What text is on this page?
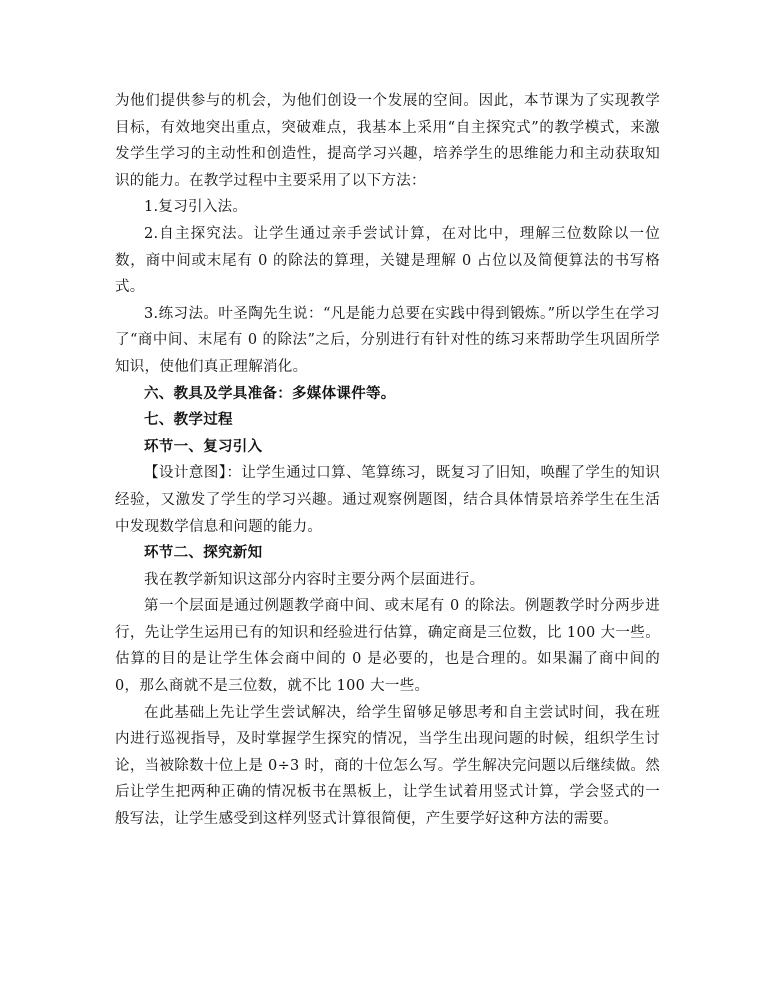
为他们提供参与的机会，为他们创设一个发展的空间。因此，本节课为了实现教学目标，有效地突出重点，突破难点，我基本上采用“自主探究式”的教学模式，来激发学生学习的主动性和创造性，提高学习兴趣，培养学生的思维能力和主动获取知识的能力。在教学过程中主要采用了以下方法：

1.复习引入法。

2.自主探究法。让学生通过亲手尝试计算，在对比中，理解三位数除以一位数，商中间或末尾有 0 的除法的算理，关键是理解 0 占位以及简便算法的书写格式。

3.练习法。叶圣陶先生说：“凡是能力总要在实践中得到锻炼。”所以学生在学习了“商中间、末尾有 0 的除法”之后，分别进行有针对性的练习来帮助学生巩固所学知识，使他们真正理解消化。

六、教具及学具准备：多媒体课件等。

七、教学过程

环节一、复习引入

【设计意图】：让学生通过口算、笔算练习，既复习了旧知，唤醒了学生的知识经验，又激发了学生的学习兴趣。通过观察例题图，结合具体情景培养学生在生活中发现数学信息和问题的能力。

环节二、探究新知

我在教学新知识这部分内容时主要分两个层面进行。

第一个层面是通过例题教学商中间、或末尾有 0 的除法。例题教学时分两步进行，先让学生运用已有的知识和经验进行估算，确定商是三位数，比 100 大一些。估算的目的是让学生体会商中间的 0 是必要的，也是合理的。如果漏了商中间的 0，那么商就不是三位数，就不比 100 大一些。

在此基础上先让学生尝试解决，给学生留够足够思考和自主尝试时间，我在班内进行巡视指导，及时掌握学生探究的情况，当学生出现问题的时候，组织学生讨论，当被除数十位上是 0÷3 时，商的十位怎么写。学生解决完问题以后继续做。然后让学生把两种正确的情况板书在黑板上，让学生试着用竖式计算，学会竖式的一般写法，让学生感受到这样列竖式计算很简便，产生要学好这种方法的需要。
